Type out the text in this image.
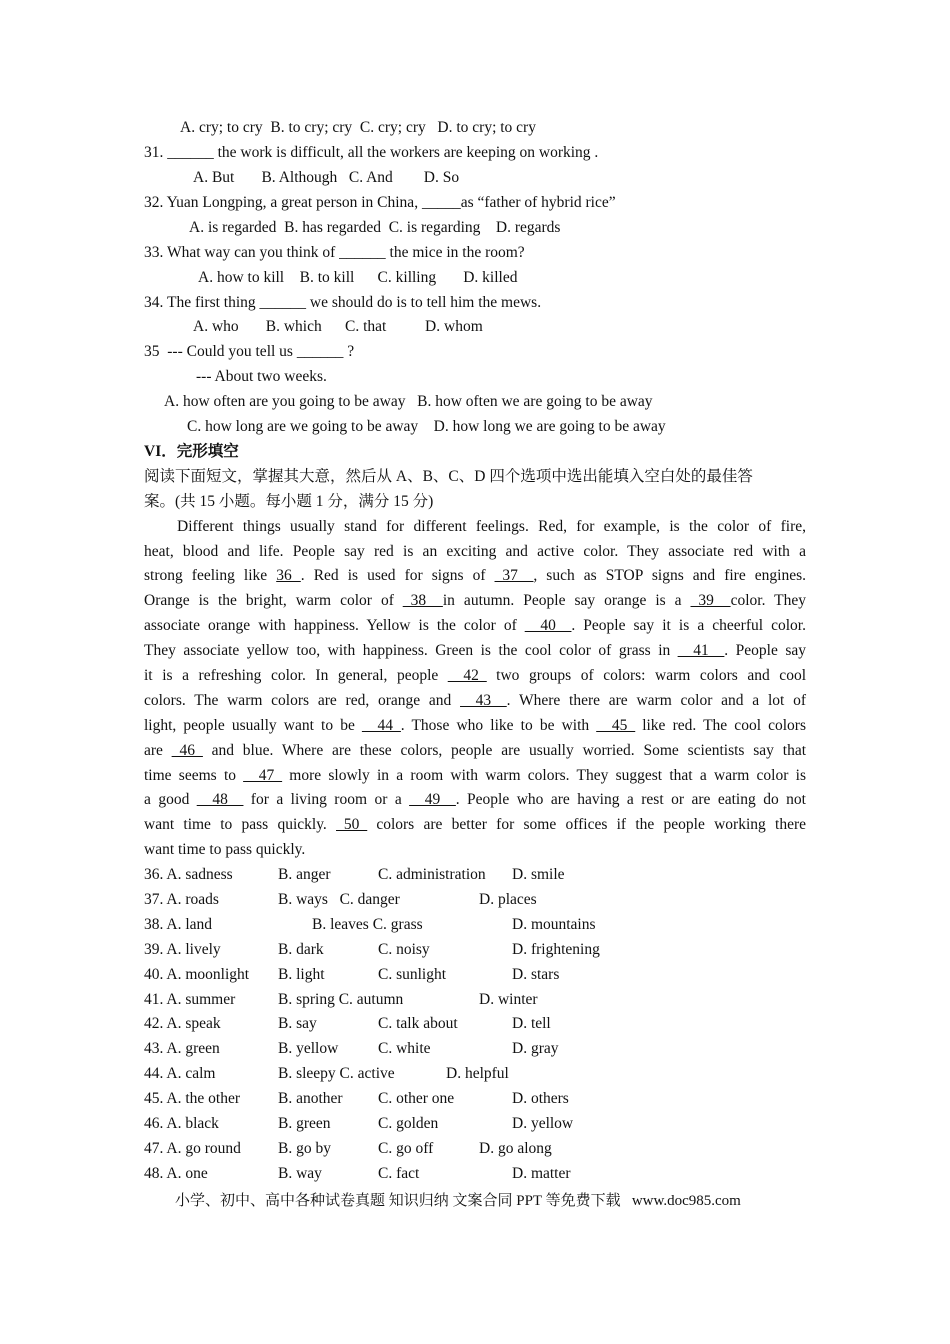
A. cry; to cry  B. to cry; cry  C. cry; cry   D. to cry; to cry
31. ______ the work is difficult, all the workers are keeping on working .
A. But       B. Although   C. And        D. So
32. Yuan Longping, a great person in China, _____as “father of hybrid rice”
A. is regarded  B. has regarded  C. is regarding    D. regards
33. What way can you think of ______ the mice in the room?
A. how to kill    B. to kill      C. killing       D. killed
34. The first thing ______ we should do is to tell him the mews.
A. who       B. which      C. that          D. whom
35  --- Could you tell us ______ ?
--- About two weeks.
A. how often are you going to be away   B. how often we are going to be away
C. how long are we going to be away    D. how long we are going to be away
VI．完形填空
阅读下面短文，掌握其大意，然后从 A、B、C、D 四个选项中选出能填入空白处的最佳答
案。(共 15 小题。每小题 1 分，满分 15 分)
Different things usually stand for different feelings. Red, for example, is the color of fire,
heat, blood and life. People say red is an exciting and active color. They associate red with a
strong feeling like 36 . Red is used for signs of _37__, such as STOP signs and fire engines.
Orange is the bright, warm color of _38_ in autumn. People say orange is a _39_ color. They
associate orange with happiness. Yellow is the color of __40__. People say it is a cheerful color.
They associate yellow too, with happiness. Green is the cool color of grass in __41__. People say
it is a refreshing color. In general, people __42_ two groups of colors: warm colors and cool
colors. The warm colors are red, orange and __43__. Where there are warm color and a lot of
light, people usually want to be __44_. Those who like to be with __45_ like red. The cool colors
are _46_ and blue. Where are these colors, people are usually worried. Some scientists say that
time seems to __47_ more slowly in a room with warm colors. They suggest that a warm color is
a good __48__ for a living room or a __49__. People who are having a rest or are eating do not
want time to pass quickly. _50_ colors are better for some offices if the people working there
want time to pass quickly.
36. A. sadness	B. anger	C. administration D. smile
37. A. roads	B. ways   C. danger	D. places
38. A. land	B. leaves C. grass	D. mountains
39. A. lively	B. dark	C. noisy	D. frightening
40. A. moonlight B. light	C. sunlight	D. stars
41. A. summer	B. spring C. autumn	D. winter
42. A. speak	B. say	C. talk about	D. tell
43. A. green	B. yellow	C. white	D. gray
44. A. calm	B. sleepy C. active	D. helpful
45. A. the other B. another C. other one	D. others
46. A. black	B. green	C. golden	D. yellow
47. A. go round B. go by	C. go off	D. go along
48. A. one	B. way	C. fact	D. matter
小学、初中、高中各种试卷真题 知识归纳 文案合同 PPT 等免费下载   www.doc985.com
